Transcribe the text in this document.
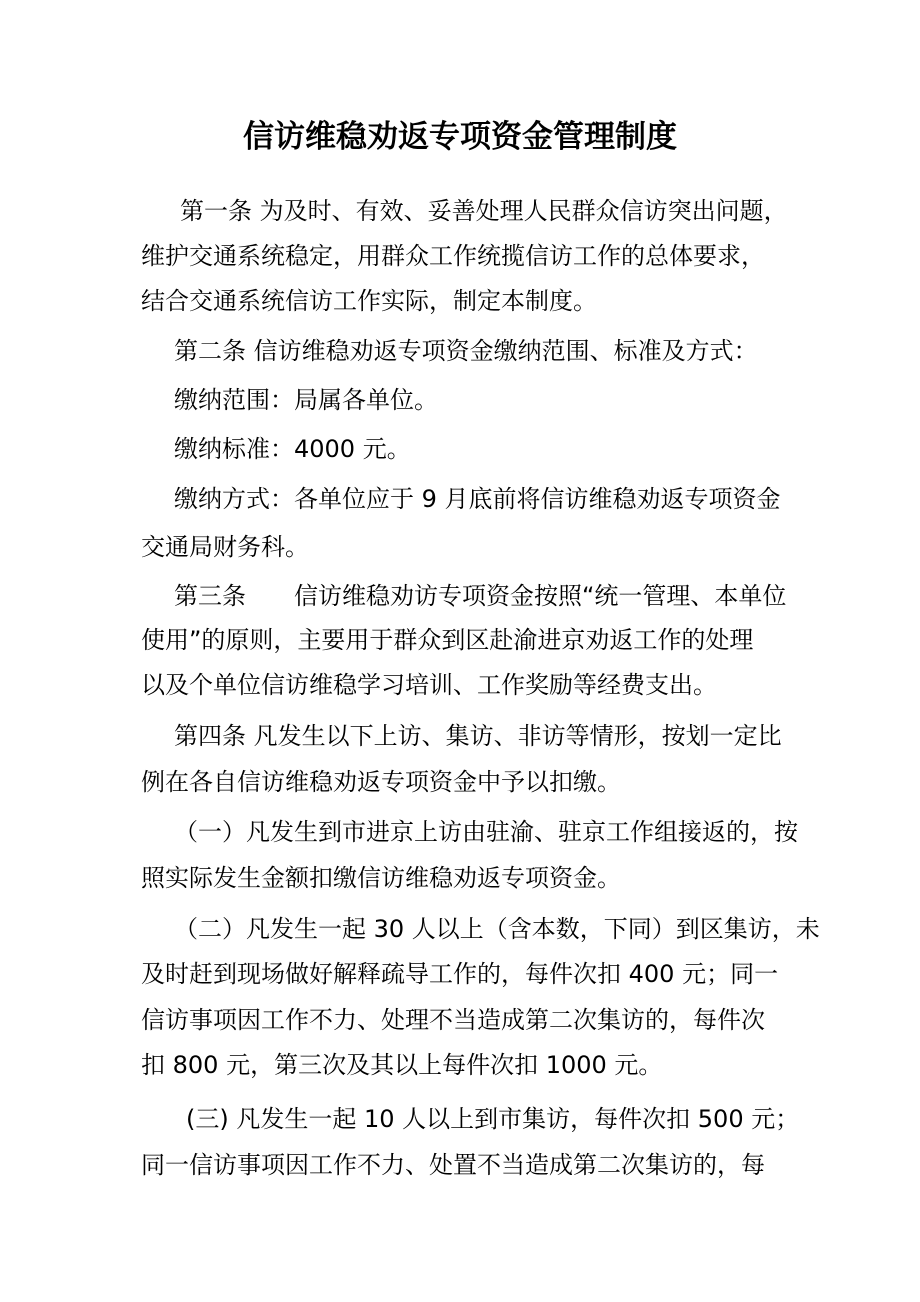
信访维稳劝返专项资金管理制度
第一条 为及时、有效、妥善处理人民群众信访突出问题，
维护交通系统稳定，用群众工作统揽信访工作的总体要求，
结合交通系统信访工作实际，制定本制度。
第二条 信访维稳劝返专项资金缴纳范围、标准及方式：
缴纳范围：局属各单位。
缴纳标准：4000 元。
缴纳方式：各单位应于 9 月底前将信访维稳劝返专项资金
交通局财务科。
第三条　　信访维稳劝访专项资金按照“统一管理、本单位
使用”的原则，主要用于群众到区赴渝进京劝返工作的处理
以及个单位信访维稳学习培训、工作奖励等经费支出。
第四条 凡发生以下上访、集访、非访等情形，按划一定比
例在各自信访维稳劝返专项资金中予以扣缴。
（一）凡发生到市进京上访由驻渝、驻京工作组接返的，按
照实际发生金额扣缴信访维稳劝返专项资金。
（二）凡发生一起 30 人以上（含本数，下同）到区集访，未
及时赶到现场做好解释疏导工作的，每件次扣 400 元；同一
信访事项因工作不力、处理不当造成第二次集访的，每件次
扣 800 元，第三次及其以上每件次扣 1000 元。
(三) 凡发生一起 10 人以上到市集访，每件次扣 500 元；
同一信访事项因工作不力、处置不当造成第二次集访的，每
